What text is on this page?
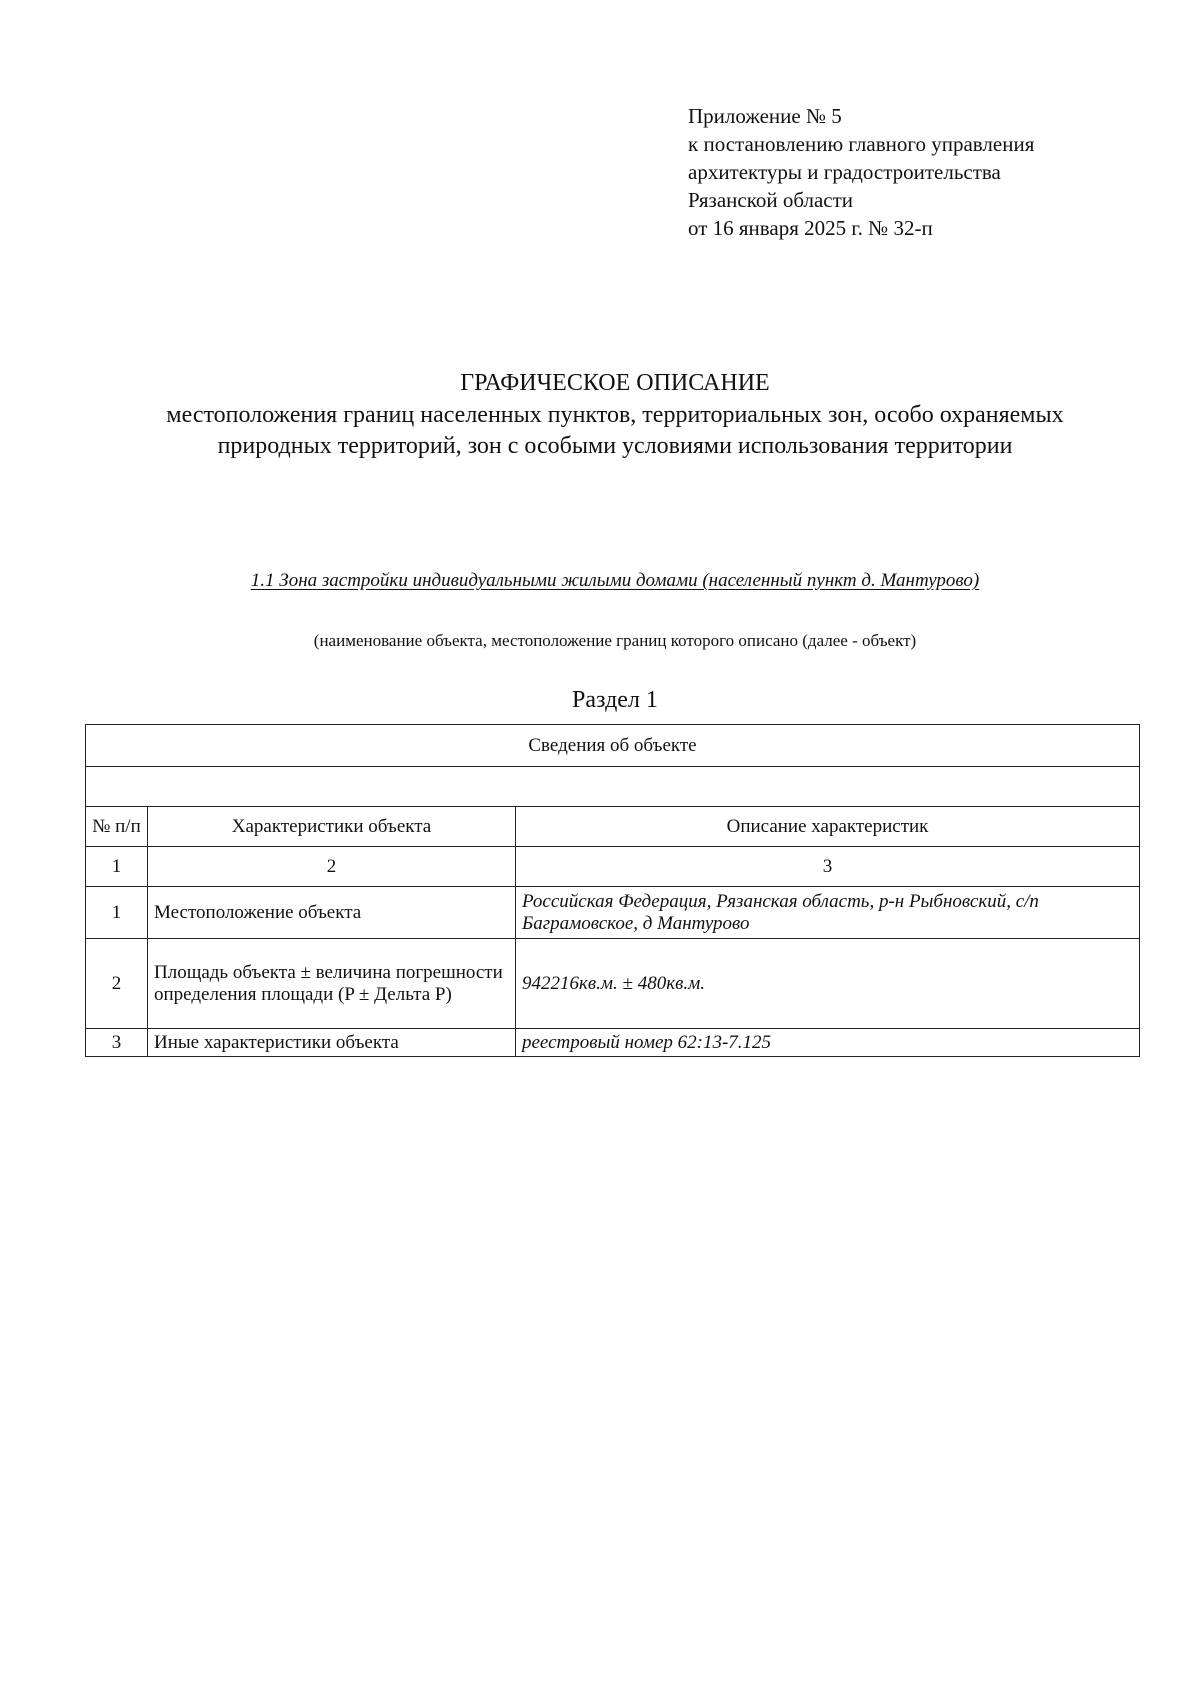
Приложение № 5
к постановлению главного управления
архитектуры и градостроительства
Рязанской области
от 16 января 2025 г. № 32-п
ГРАФИЧЕСКОЕ ОПИСАНИЕ
местоположения границ населенных пунктов, территориальных зон, особо охраняемых природных территорий, зон с особыми условиями использования территории
1.1 Зона застройки индивидуальными жилыми домами (населенный пункт д. Мантурово)
(наименование объекта, местоположение границ которого описано (далее - объект)
Раздел 1
Сведения об объекте		

№ п/п	Характеристики объекта	Описание характеристик
1	2	3
1	Местоположение объекта	Российская Федерация, Рязанская область, р-н Рыбновский, с/п Баграмовское, д Мантурово
2	Площадь объекта ± величина погрешности определения площади (P ± Дельта P)	942216кв.м. ± 480кв.м.
3	Иные характеристики объекта	реестровый номер 62:13-7.125
